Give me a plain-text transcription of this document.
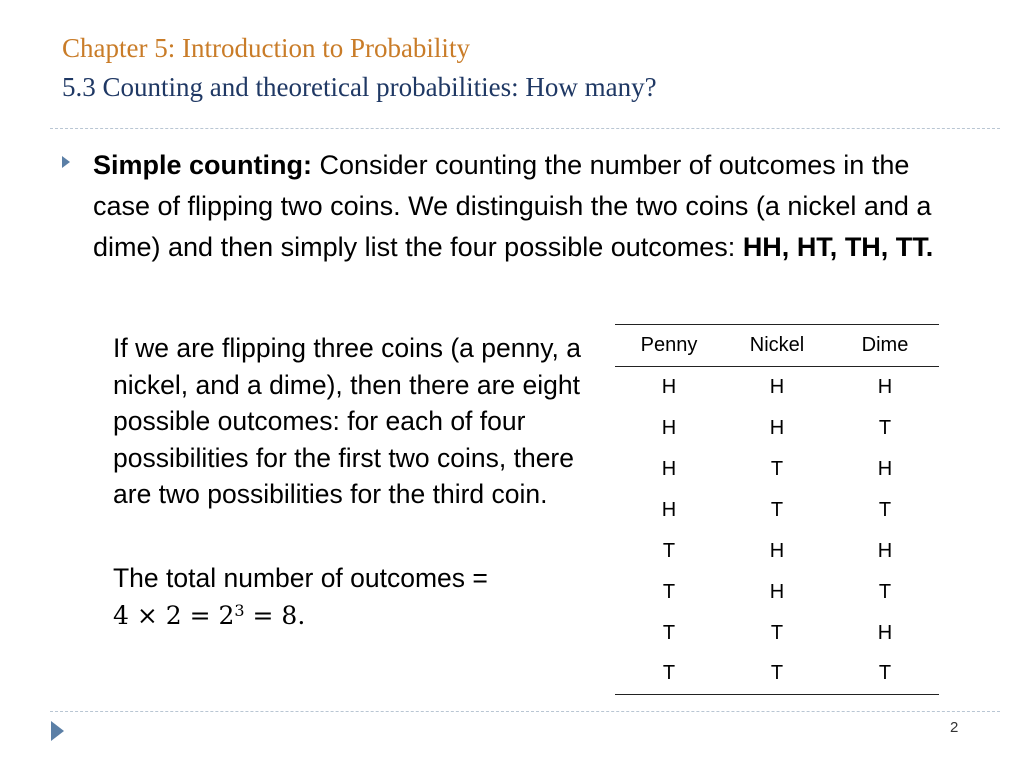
Chapter 5: Introduction to Probability
5.3 Counting and theoretical probabilities: How many?
Simple counting: Consider counting the number of outcomes in the case of flipping two coins. We distinguish the two coins (a nickel and a dime) and then simply list the four possible outcomes: HH, HT, TH, TT.
If we are flipping three coins (a penny, a nickel, and a dime), then there are eight possible outcomes: for each of four possibilities for the first two coins, there are two possibilities for the third coin.
The total number of outcomes =
$4 \times 2 = 2^3 = 8$.
Penny	Nickel	Dime
H	H	H
H	H	T
H	T	H
H	T	T
T	H	H
T	H	T
T	T	H
T	T	T
2
